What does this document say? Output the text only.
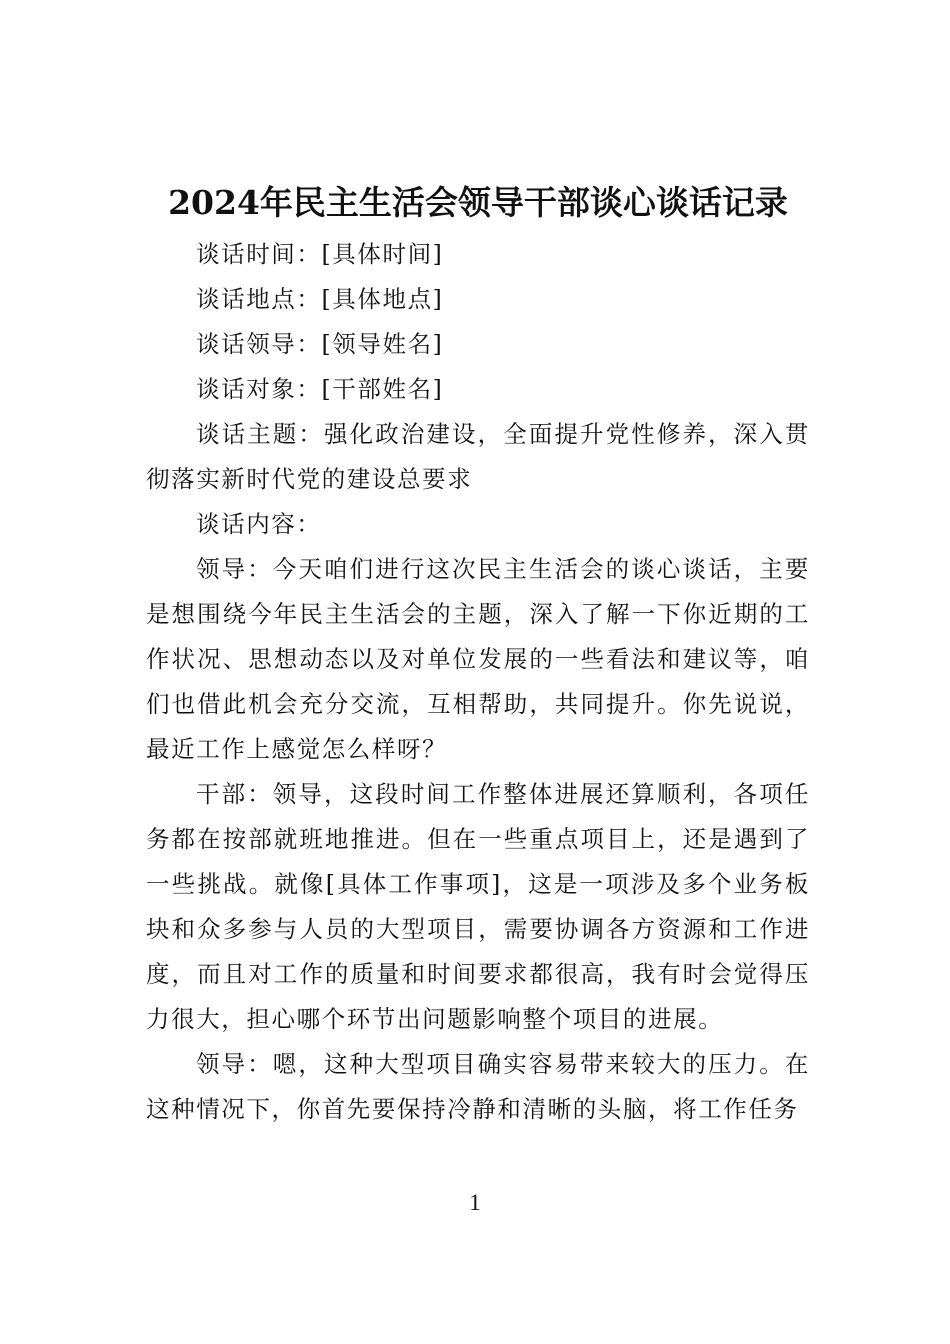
2024年民主生活会领导干部谈心谈话记录

谈话时间：[具体时间]

谈话地点：[具体地点]

谈话领导：[领导姓名]

谈话对象：[干部姓名]

谈话主题：强化政治建设，全面提升党性修养，深入贯彻落实新时代党的建设总要求

谈话内容：

领导：今天咱们进行这次民主生活会的谈心谈话，主要是想围绕今年民主生活会的主题，深入了解一下你近期的工作状况、思想动态以及对单位发展的一些看法和建议等，咱们也借此机会充分交流，互相帮助，共同提升。你先说说，最近工作上感觉怎么样呀？

干部：领导，这段时间工作整体进展还算顺利，各项任务都在按部就班地推进。但在一些重点项目上，还是遇到了一些挑战。就像[具体工作事项]，这是一项涉及多个业务板块和众多参与人员的大型项目，需要协调各方资源和工作进度，而且对工作的质量和时间要求都很高，我有时会觉得压力很大，担心哪个环节出问题影响整个项目的进展。

领导：嗯，这种大型项目确实容易带来较大的压力。在这种情况下，你首先要保持冷静和清晰的头脑，将工作任务

1
